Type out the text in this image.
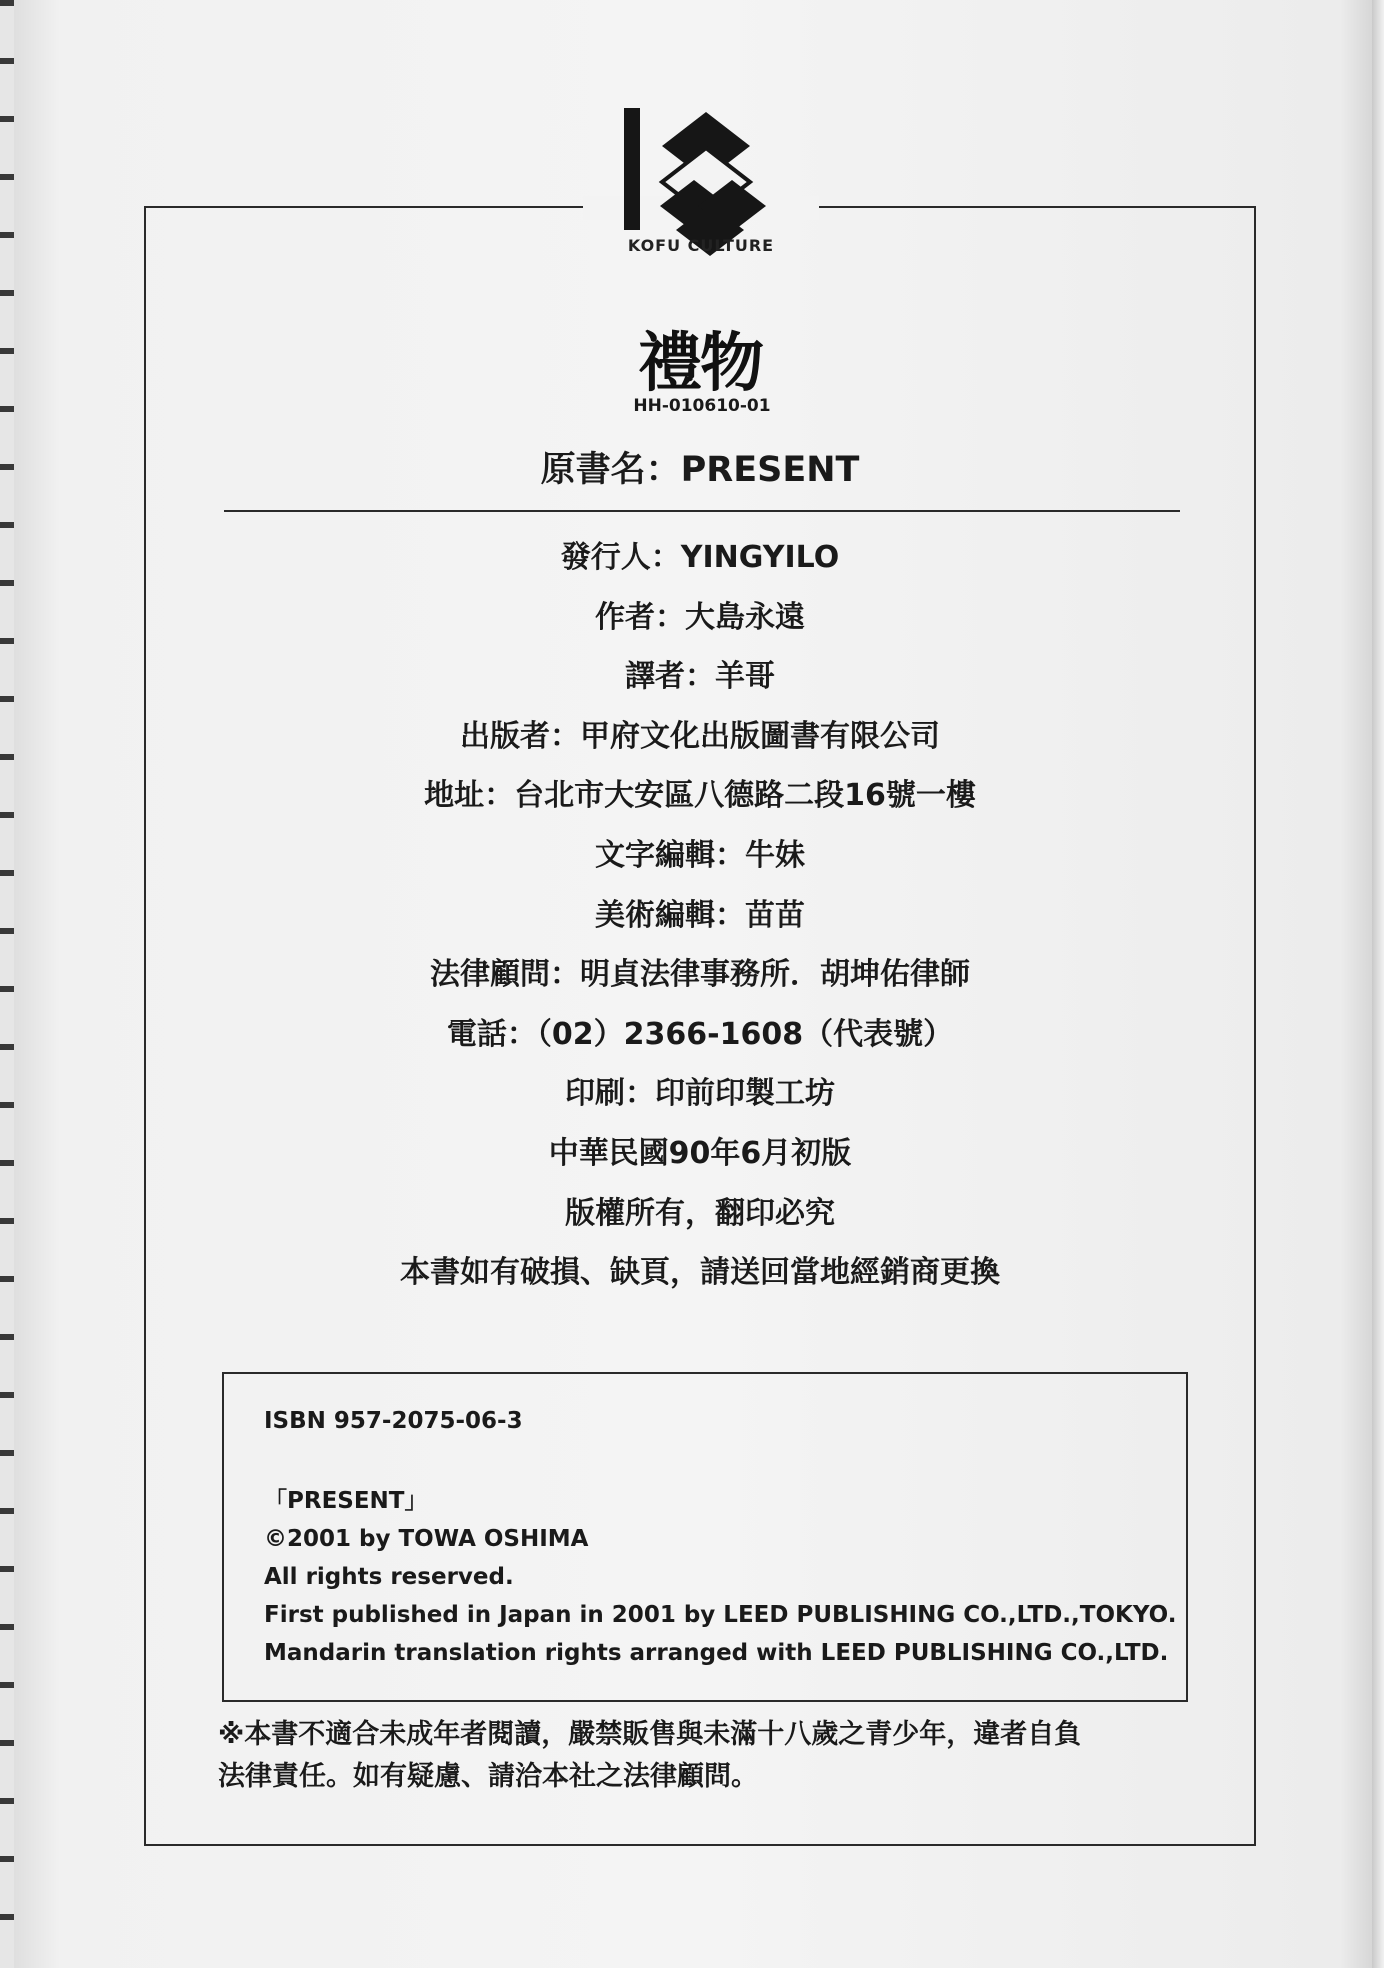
KOFU CULTURE
禮物
HH-010610-01
原書名：PRESENT
發行人：YINGYILO
作者：大島永遠
譯者：羊哥
出版者：甲府文化出版圖書有限公司
地址：台北市大安區八德路二段16號一樓
文字編輯：牛妹
美術編輯：苗苗
法律顧問：明貞法律事務所．胡坤佑律師
電話：（02）2366-1608（代表號）
印刷：印前印製工坊
中華民國90年6月初版
版權所有，翻印必究
本書如有破損、缺頁，請送回當地經銷商更換
ISBN 957-2075-06-3
「PRESENT」
©2001 by TOWA OSHIMA
All rights reserved.
First published in Japan in 2001 by LEED PUBLISHING CO.,LTD.,TOKYO.
Mandarin translation rights arranged with LEED PUBLISHING CO.,LTD.
※本書不適合未成年者閱讀，嚴禁販售與未滿十八歲之青少年，違者自負
法律責任。如有疑慮、請洽本社之法律顧問。
